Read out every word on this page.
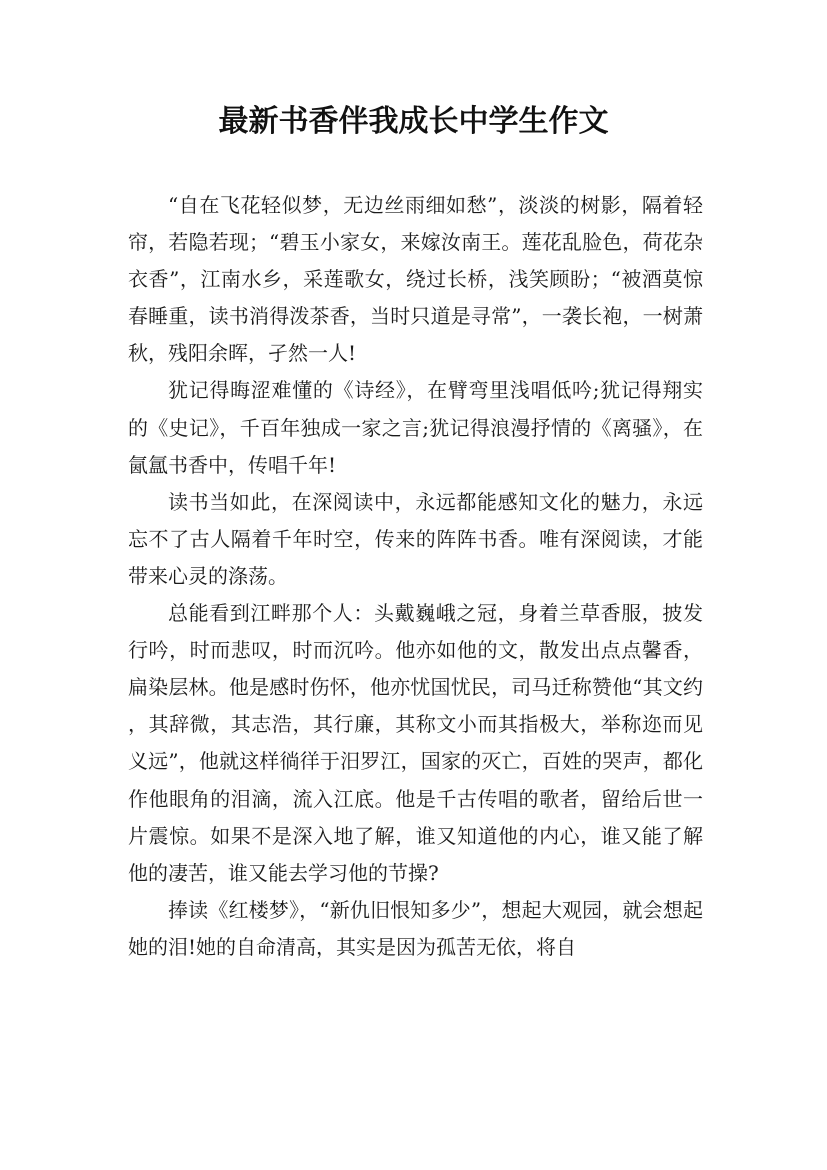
最新书香伴我成长中学生作文

“自在飞花轻似梦，无边丝雨细如愁”，淡淡的树影，隔着轻帘，若隐若现；“碧玉小家女，来嫁汝南王。莲花乱脸色，荷花杂衣香”，江南水乡，采莲歌女，绕过长桥，浅笑顾盼；“被酒莫惊春睡重，读书消得泼茶香，当时只道是寻常”，一袭长袍，一树萧秋，残阳余晖，孑然一人!

犹记得晦涩难懂的《诗经》，在臂弯里浅唱低吟;犹记得翔实的《史记》，千百年独成一家之言;犹记得浪漫抒情的《离骚》，在氤氲书香中，传唱千年!

读书当如此，在深阅读中，永远都能感知文化的魅力，永远忘不了古人隔着千年时空，传来的阵阵书香。唯有深阅读，才能带来心灵的涤荡。

总能看到江畔那个人：头戴巍峨之冠，身着兰草香服，披发行吟，时而悲叹，时而沉吟。他亦如他的文，散发出点点馨香，扁染层林。他是感时伤怀，他亦忧国忧民，司马迁称赞他“其文约，其辞微，其志浩，其行廉，其称文小而其指极大，举称迩而见义远”，他就这样徜徉于汨罗江，国家的灭亡，百姓的哭声，都化作他眼角的泪滴，流入江底。他是千古传唱的歌者，留给后世一片震惊。如果不是深入地了解，谁又知道他的内心，谁又能了解他的凄苦，谁又能去学习他的节操?

捧读《红楼梦》，“新仇旧恨知多少”，想起大观园，就会想起她的泪!她的自命清高，其实是因为孤苦无依，将自
